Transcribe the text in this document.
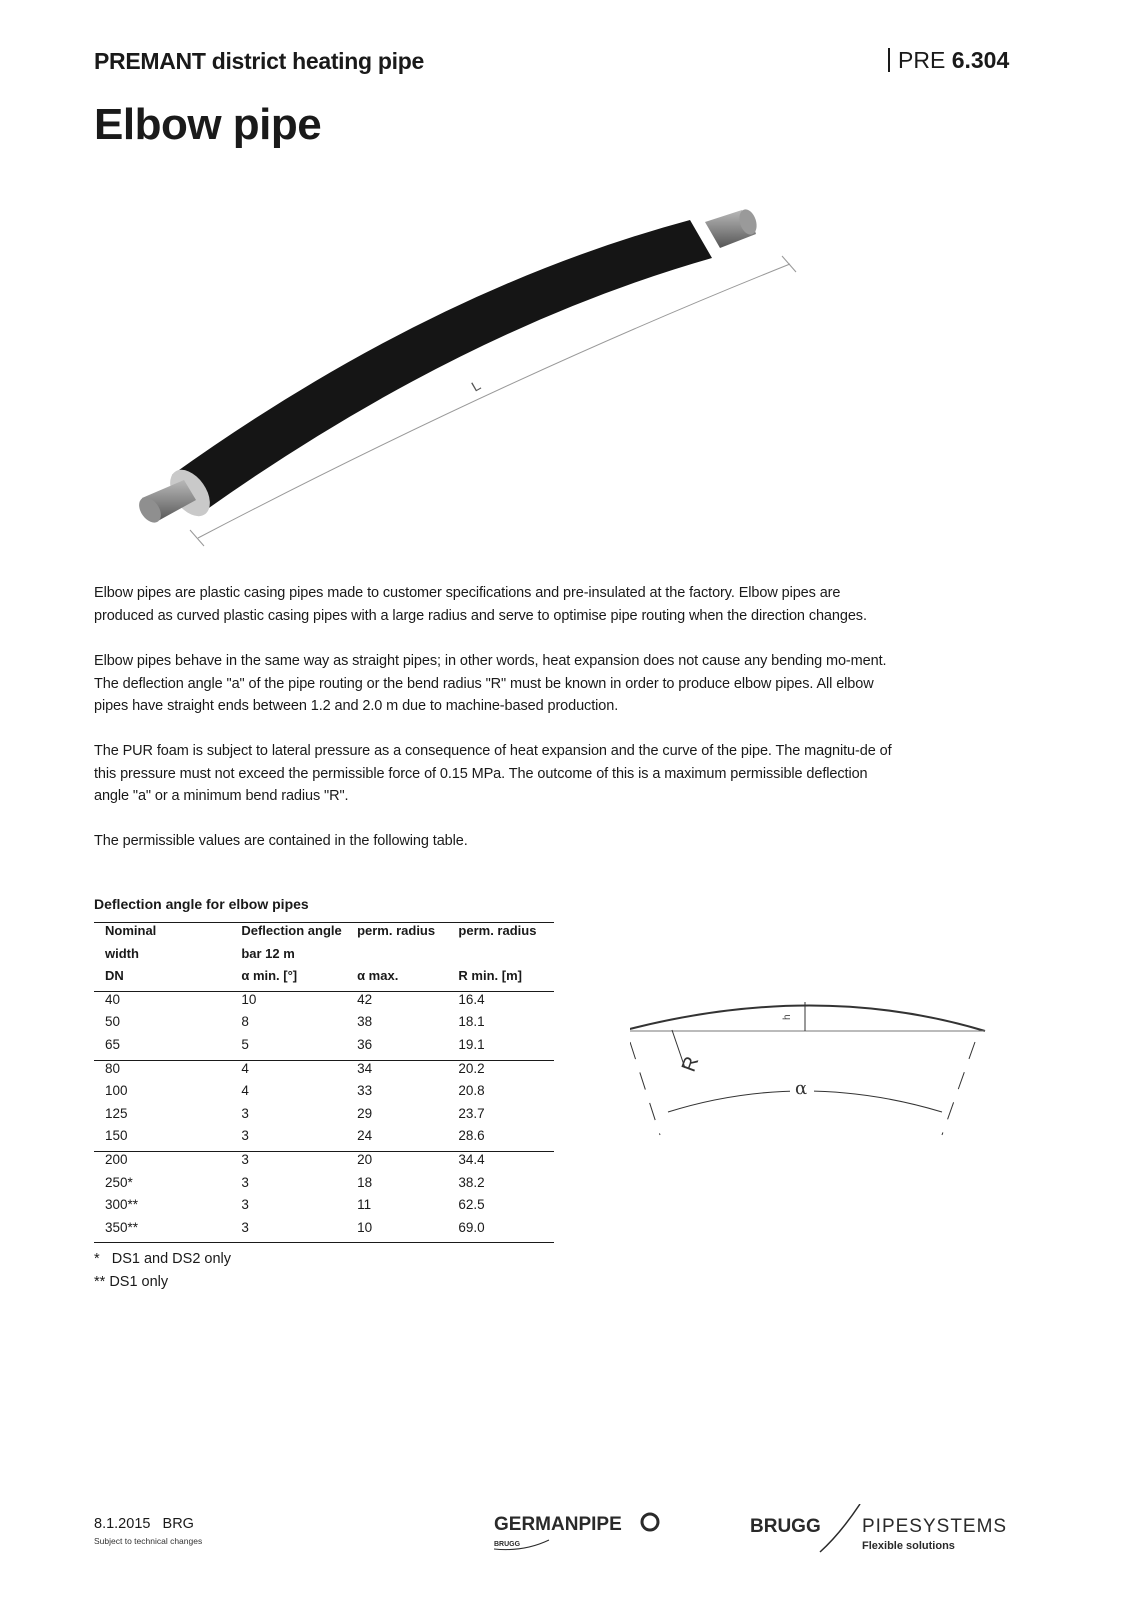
PREMANT district heating pipe	PRE 6.304
Elbow pipe
L

Elbow pipes are plastic casing pipes made to customer specifications and pre-insulated at the factory. Elbow pipes are produced as curved plastic casing pipes with a large radius and serve to optimise pipe routing when the direction changes.

Elbow pipes behave in the same way as straight pipes; in other words, heat expansion does not cause any bending mo-ment. The deflection angle "a" of the pipe routing or the bend radius "R" must be known in order to produce elbow pipes. All elbow pipes have straight ends between 1.2 and 2.0 m due to machine-based production.

The PUR foam is subject to lateral pressure as a consequence of heat expansion and the curve of the pipe. The magnitu-de of this pressure must not exceed the permissible force of 0.15 MPa. The outcome of this is a maximum permissible deflection angle "a" or a minimum bend radius "R".

The permissible values are contained in the following table.

Deflection angle for elbow pipes
Nominal	Deflection angle	perm. radius	perm. radius
width	bar 12 m		
DN	α min. [°]	α max.	R min. [m]
40	10	42	16.4
50	8	38	18.1
65	5	36	19.1
80	4	34	20.2
100	4	33	20.8
125	3	29	23.7
150	3	24	28.6
200	3	20	34.4
250*	3	18	38.2
300**	3	11	62.5
350**	3	10	69.0
*   DS1 and DS2 only
** DS1 only
h
R
α
8.1.2015   BRG
Subject to technical changes
GERMANPIPE
BRUGG
BRUGG PIPESYSTEMS
Flexible solutions
